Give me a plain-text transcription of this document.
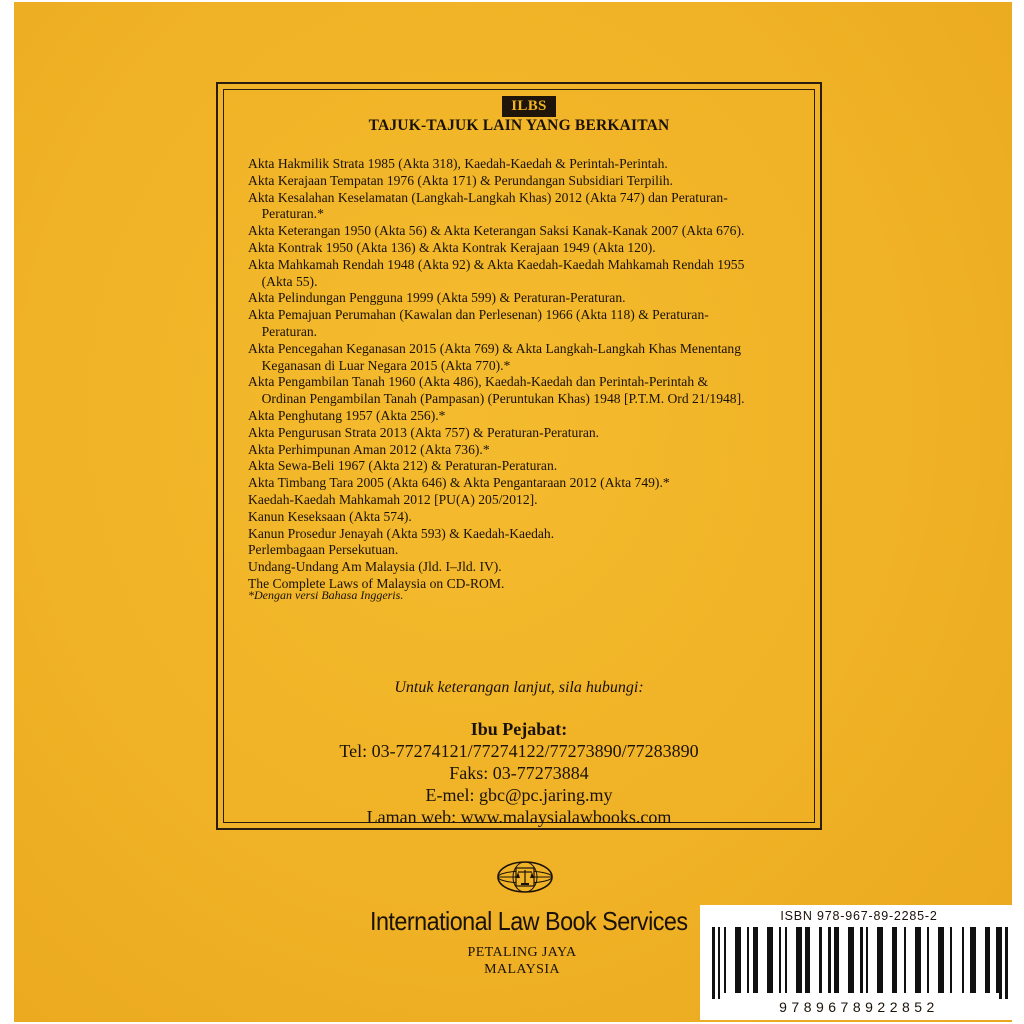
ILBS
TAJUK-TAJUK LAIN YANG BERKAITAN
Akta Hakmilik Strata 1985 (Akta 318), Kaedah-Kaedah & Perintah-Perintah.
Akta Kerajaan Tempatan 1976 (Akta 171) & Perundangan Subsidiari Terpilih.
Akta Kesalahan Keselamatan (Langkah-Langkah Khas) 2012 (Akta 747) dan Peraturan-
Peraturan.*
Akta Keterangan 1950 (Akta 56) & Akta Keterangan Saksi Kanak-Kanak 2007 (Akta 676).
Akta Kontrak 1950 (Akta 136) & Akta Kontrak Kerajaan 1949 (Akta 120).
Akta Mahkamah Rendah 1948 (Akta 92) & Akta Kaedah-Kaedah Mahkamah Rendah 1955
(Akta 55).
Akta Pelindungan Pengguna 1999 (Akta 599) & Peraturan-Peraturan.
Akta Pemajuan Perumahan (Kawalan dan Perlesenan) 1966 (Akta 118) & Peraturan-
Peraturan.
Akta Pencegahan Keganasan 2015 (Akta 769) & Akta Langkah-Langkah Khas Menentang
Keganasan di Luar Negara 2015 (Akta 770).*
Akta Pengambilan Tanah 1960 (Akta 486), Kaedah-Kaedah dan Perintah-Perintah &
Ordinan Pengambilan Tanah (Pampasan) (Peruntukan Khas) 1948 [P.T.M. Ord 21/1948].
Akta Penghutang 1957 (Akta 256).*
Akta Pengurusan Strata 2013 (Akta 757) & Peraturan-Peraturan.
Akta Perhimpunan Aman 2012 (Akta 736).*
Akta Sewa-Beli 1967 (Akta 212) & Peraturan-Peraturan.
Akta Timbang Tara 2005 (Akta 646) & Akta Pengantaraan 2012 (Akta 749).*
Kaedah-Kaedah Mahkamah 2012 [PU(A) 205/2012].
Kanun Keseksaan (Akta 574).
Kanun Prosedur Jenayah (Akta 593) & Kaedah-Kaedah.
Perlembagaan Persekutuan.
Undang-Undang Am Malaysia (Jld. I–Jld. IV).
The Complete Laws of Malaysia on CD-ROM.
*Dengan versi Bahasa Inggeris.
Untuk keterangan lanjut, sila hubungi:
Ibu Pejabat:
Tel: 03-77274121/77274122/77273890/77283890
Faks: 03-77273884
E-mel: gbc@pc.jaring.my
Laman web: www.malaysialawbooks.com
International Law Book Services
PETALING JAYA
MALAYSIA
ISBN 978-967-89-2285-2
9789678922852
